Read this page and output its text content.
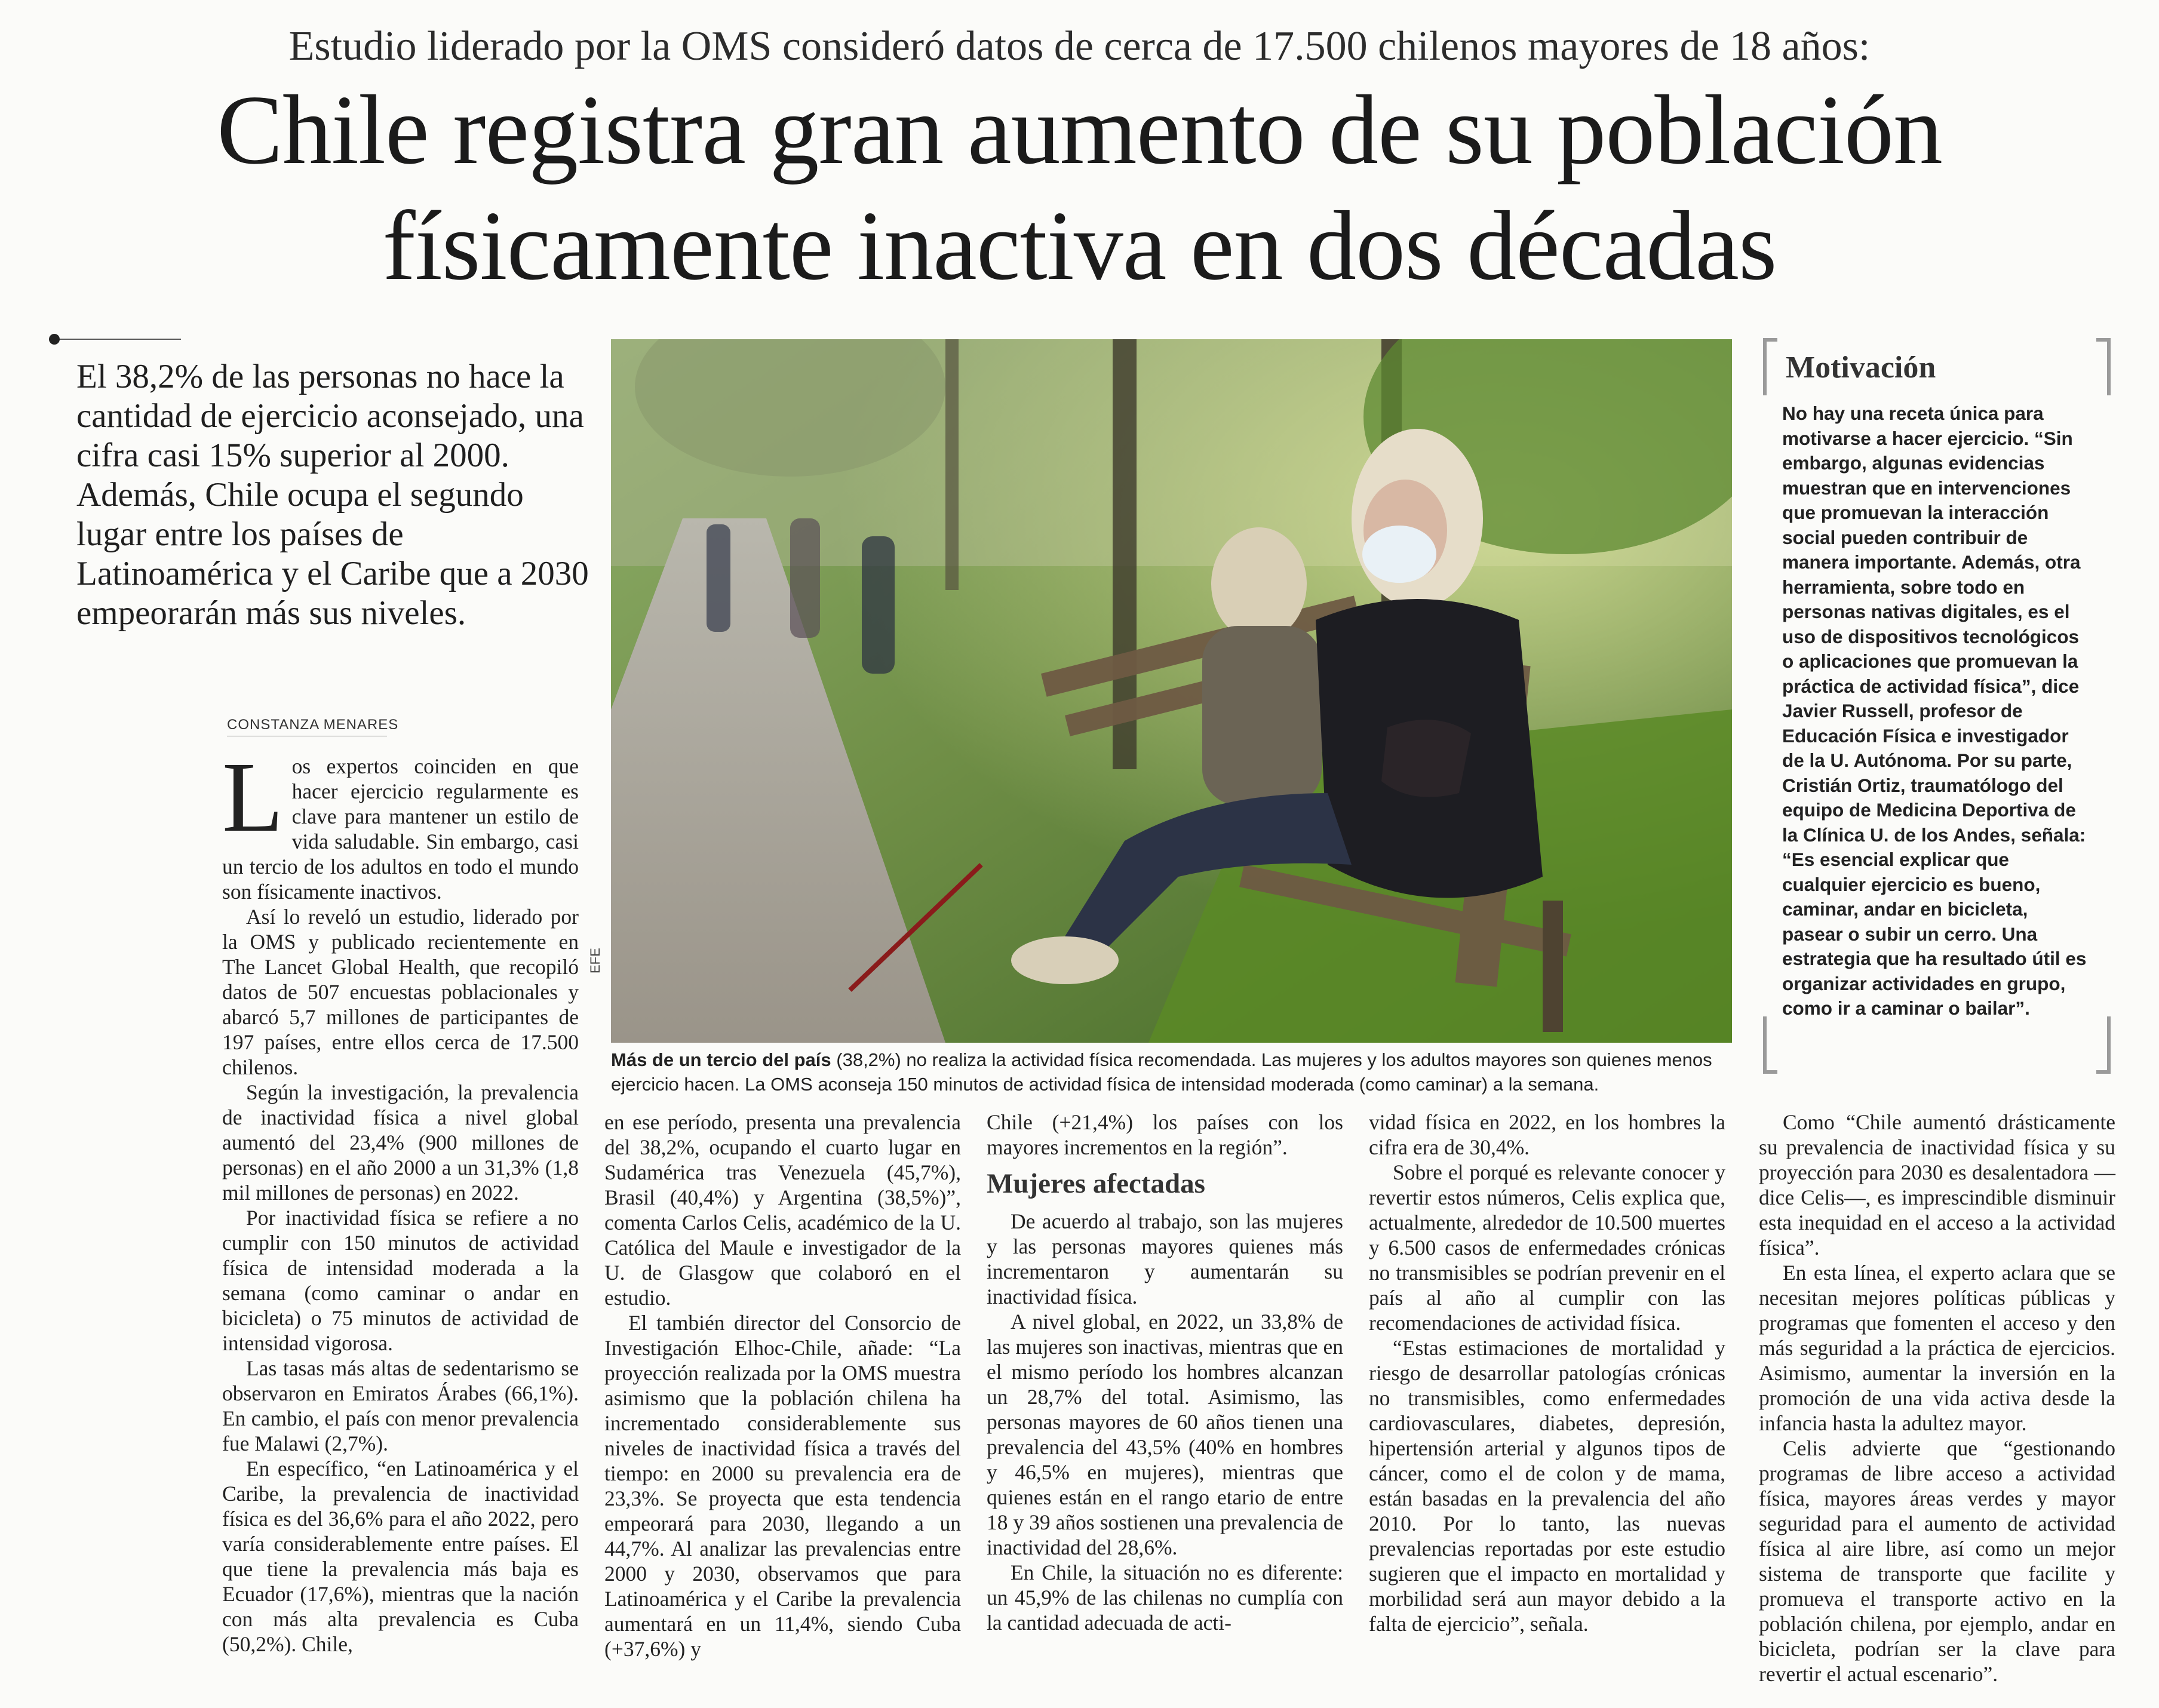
Estudio liderado por la OMS consideró datos de cerca de 17.500 chilenos mayores de 18 años:
Chile registra gran aumento de su población
físicamente inactiva en dos décadas
El 38,2% de las personas no hace la cantidad de ejercicio aconsejado, una cifra casi 15% superior al 2000. Además, Chile ocupa el segundo lugar entre los países de Latinoamérica y el Caribe que a 2030 empeorarán más sus niveles.
CONSTANZA MENARES
L os expertos coinciden en que hacer ejercicio regularmente es clave para mantener un estilo de vida saludable. Sin embargo, casi un tercio de los adultos en todo el mundo son físicamente inactivos.

Así lo reveló un estudio, liderado por la OMS y publicado recientemente en The Lancet Global Health, que recopiló datos de 507 encuestas poblacionales y abarcó 5,7 millones de participantes de 197 países, entre ellos cerca de 17.500 chilenos.

Según la investigación, la prevalencia de inactividad física a nivel global aumentó del 23,4% (900 millones de personas) en el año 2000 a un 31,3% (1,8 mil millones de personas) en 2022.

Por inactividad física se refiere a no cumplir con 150 minutos de actividad física de intensidad moderada a la semana (como caminar o andar en bicicleta) o 75 minutos de actividad de intensidad vigorosa.

Las tasas más altas de sedentarismo se observaron en Emiratos Árabes (66,1%). En cambio, el país con menor prevalencia fue Malawi (2,7%).

En específico, “en Latinoamérica y el Caribe, la prevalencia de inactividad física es del 36,6% para el año 2022, pero varía considerablemente entre países. El que tiene la prevalencia más baja es Ecuador (17,6%), mientras que la nación con más alta prevalencia es Cuba (50,2%). Chile,

en ese período, presenta una prevalencia del 38,2%, ocupando el cuarto lugar en Sudamérica tras Venezuela (45,7%), Brasil (40,4%) y Argentina (38,5%)”, comenta Carlos Celis, académico de la U. Católica del Maule e investigador de la U. de Glasgow que colaboró en el estudio.

El también director del Consorcio de Investigación Elhoc-Chile, añade: “La proyección realizada por la OMS muestra asimismo que la población chilena ha incrementado considerablemente sus niveles de inactividad física a través del tiempo: en 2000 su prevalencia era de 23,3%. Se proyecta que esta tendencia empeorará para 2030, llegando a un 44,7%. Al analizar las prevalencias entre 2000 y 2030, observamos que para Latinoamérica y el Caribe la prevalencia aumentará en un 11,4%, siendo Cuba (+37,6%) y

Chile (+21,4%) los países con los mayores incrementos en la región”.

Mujeres afectadas

De acuerdo al trabajo, son las mujeres y las personas mayores quienes más incrementaron y aumentarán su inactividad física.

A nivel global, en 2022, un 33,8% de las mujeres son inactivas, mientras que en el mismo período los hombres alcanzan un 28,7% del total. Asimismo, las personas mayores de 60 años tienen una prevalencia del 43,5% (40% en hombres y 46,5% en mujeres), mientras que quienes están en el rango etario de entre 18 y 39 años sostienen una prevalencia de inactividad del 28,6%.

En Chile, la situación no es diferente: un 45,9% de las chilenas no cumplía con la cantidad adecuada de acti-

vidad física en 2022, en los hombres la cifra era de 30,4%.

Sobre el porqué es relevante conocer y revertir estos números, Celis explica que, actualmente, alrededor de 10.500 muertes y 6.500 casos de enfermedades crónicas no transmisibles se podrían prevenir en el país al año al cumplir con las recomendaciones de actividad física.

“Estas estimaciones de mortalidad y riesgo de desarrollar patologías crónicas no transmisibles, como enfermedades cardiovasculares, diabetes, depresión, hipertensión arterial y algunos tipos de cáncer, como el de colon y de mama, están basadas en la prevalencia del año 2010. Por lo tanto, las nuevas prevalencias reportadas por este estudio sugieren que el impacto en mortalidad y morbilidad será aun mayor debido a la falta de ejercicio”, señala.

Como “Chile aumentó drásticamente su prevalencia de inactividad física y su proyección para 2030 es desalentadora —dice Celis—, es imprescindible disminuir esta inequidad en el acceso a la actividad física”.

En esta línea, el experto aclara que se necesitan mejores políticas públicas y programas que fomenten el acceso y den más seguridad a la práctica de ejercicios. Asimismo, aumentar la inversión en la promoción de una vida activa desde la infancia hasta la adultez mayor.

Celis advierte que “gestionando programas de libre acceso a actividad física, mayores áreas verdes y mayor seguridad para el aumento de actividad física al aire libre, así como un mejor sistema de transporte que facilite y promueva el transporte activo en la población chilena, por ejemplo, andar en bicicleta, podrían ser la clave para revertir el actual escenario”.

EFE
Más de un tercio del país (38,2%) no realiza la actividad física recomendada. Las mujeres y los adultos mayores son quienes menos ejercicio hacen. La OMS aconseja 150 minutos de actividad física de intensidad moderada (como caminar) a la semana.
Motivación
No hay una receta única para motivarse a hacer ejercicio. “Sin embargo, algunas evidencias muestran que en intervenciones que promuevan la interacción social pueden contribuir de manera importante. Además, otra herramienta, sobre todo en personas nativas digitales, es el uso de dispositivos tecnológicos o aplicaciones que promuevan la práctica de actividad física”, dice Javier Russell, profesor de Educación Física e investigador de la U. Autónoma. Por su parte, Cristián Ortiz, traumatólogo del equipo de Medicina Deportiva de la Clínica U. de los Andes, señala: “Es esencial explicar que cualquier ejercicio es bueno, caminar, andar en bicicleta, pasear o subir un cerro. Una estrategia que ha resultado útil es organizar actividades en grupo, como ir a caminar o bailar”.
